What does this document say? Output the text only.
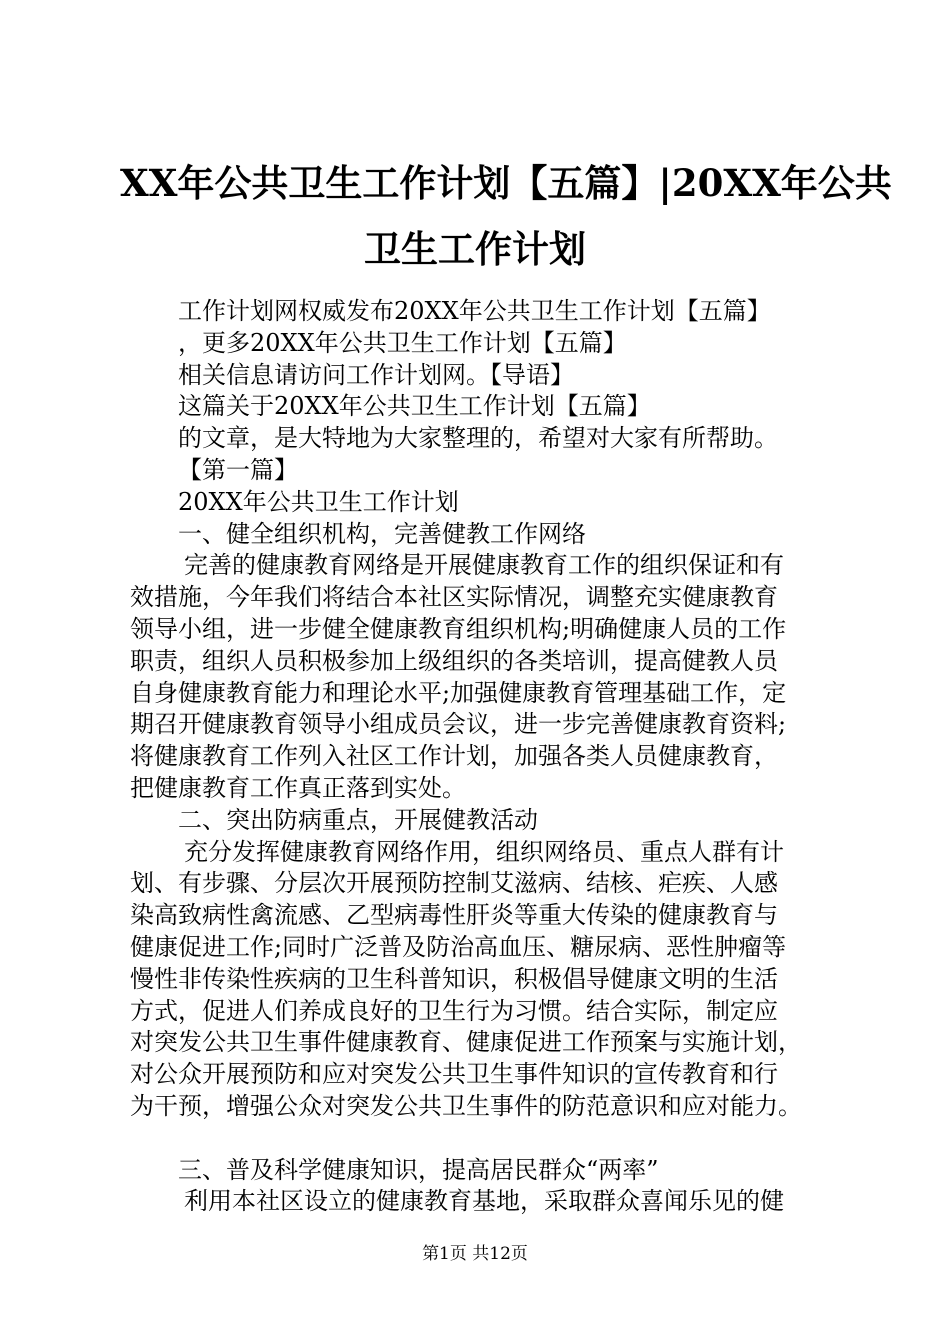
XX年公共卫生工作计划【五篇】|20XX年公共
卫生工作计划
工作计划网权威发布20XX年公共卫生工作计划【五篇】
，更多20XX年公共卫生工作计划【五篇】
相关信息请访问工作计划网。【导语】
这篇关于20XX年公共卫生工作计划【五篇】
的文章，是大特地为大家整理的，希望对大家有所帮助。
【第一篇】
20XX年公共卫生工作计划
一、健全组织机构，完善健教工作网络
完善的健康教育网络是开展健康教育工作的组织保证和有
效措施，今年我们将结合本社区实际情况，调整充实健康教育
领导小组，进一步健全健康教育组织机构;明确健康人员的工作
职责，组织人员积极参加上级组织的各类培训，提高健教人员
自身健康教育能力和理论水平;加强健康教育管理基础工作，定
期召开健康教育领导小组成员会议，进一步完善健康教育资料;
将健康教育工作列入社区工作计划，加强各类人员健康教育，
把健康教育工作真正落到实处。
二、突出防病重点，开展健教活动
充分发挥健康教育网络作用，组织网络员、重点人群有计
划、有步骤、分层次开展预防控制艾滋病、结核、疟疾、人感
染高致病性禽流感、乙型病毒性肝炎等重大传染的健康教育与
健康促进工作;同时广泛普及防治高血压、糖尿病、恶性肿瘤等
慢性非传染性疾病的卫生科普知识，积极倡导健康文明的生活
方式，促进人们养成良好的卫生行为习惯。结合实际，制定应
对突发公共卫生事件健康教育、健康促进工作预案与实施计划，
对公众开展预防和应对突发公共卫生事件知识的宣传教育和行
为干预，增强公众对突发公共卫生事件的防范意识和应对能力。
三、普及科学健康知识，提高居民群众“两率”
利用本社区设立的健康教育基地，采取群众喜闻乐见的健
第1页 共12页
